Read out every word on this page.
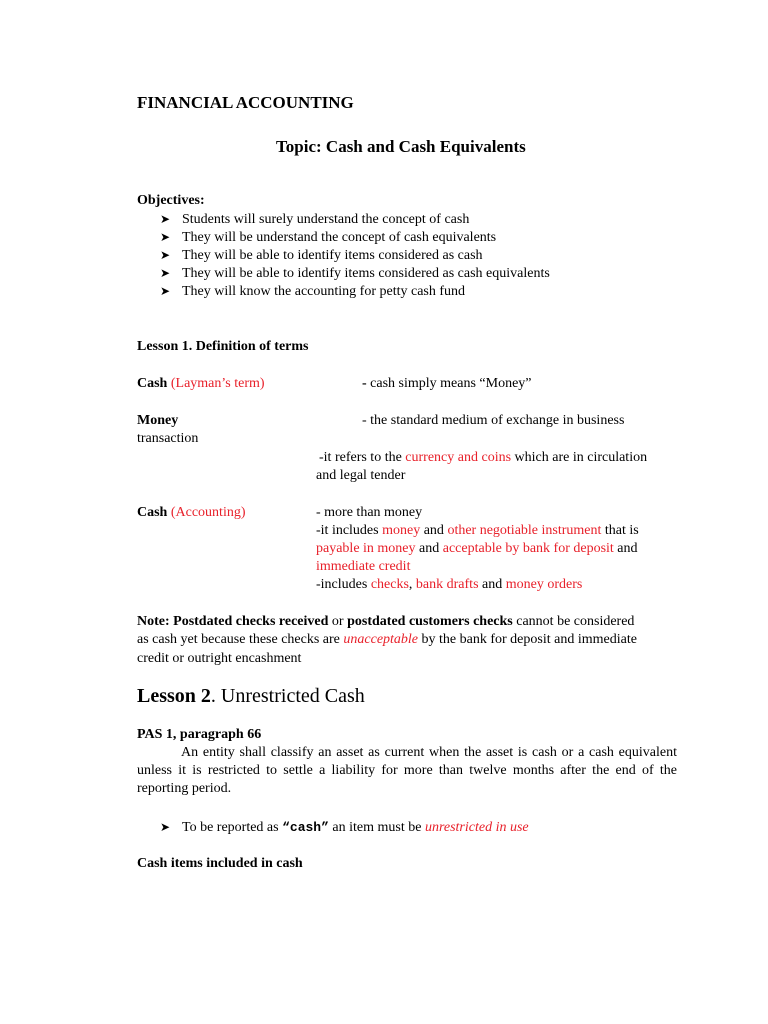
FINANCIAL ACCOUNTING
Topic: Cash and Cash Equivalents
Objectives:
➤ Students will surely understand the concept of cash
➤ They will be understand the concept of cash equivalents
➤ They will be able to identify items considered as cash
➤ They will be able to identify items considered as cash equivalents
➤ They will know the accounting for petty cash fund
Lesson 1. Definition of terms
Cash (Layman’s term)	- cash simply means “Money”
Money	- the standard medium of exchange in business
transaction
-it refers to the currency and coins which are in circulation
and legal tender
Cash (Accounting)	- more than money
-it includes money and other negotiable instrument that is
payable in money and acceptable by bank for deposit and
immediate credit
-includes checks, bank drafts and money orders
Note: Postdated checks received or postdated customers checks cannot be considered
as cash yet because these checks are unacceptable by the bank for deposit and immediate
credit or outright encashment
Lesson 2. Unrestricted Cash
PAS 1, paragraph 66
An entity shall classify an asset as current when the asset is cash or a cash equivalent unless it is restricted to settle a liability for more than twelve months after the end of the reporting period.
➤ To be reported as “cash” an item must be unrestricted in use
Cash items included in cash
